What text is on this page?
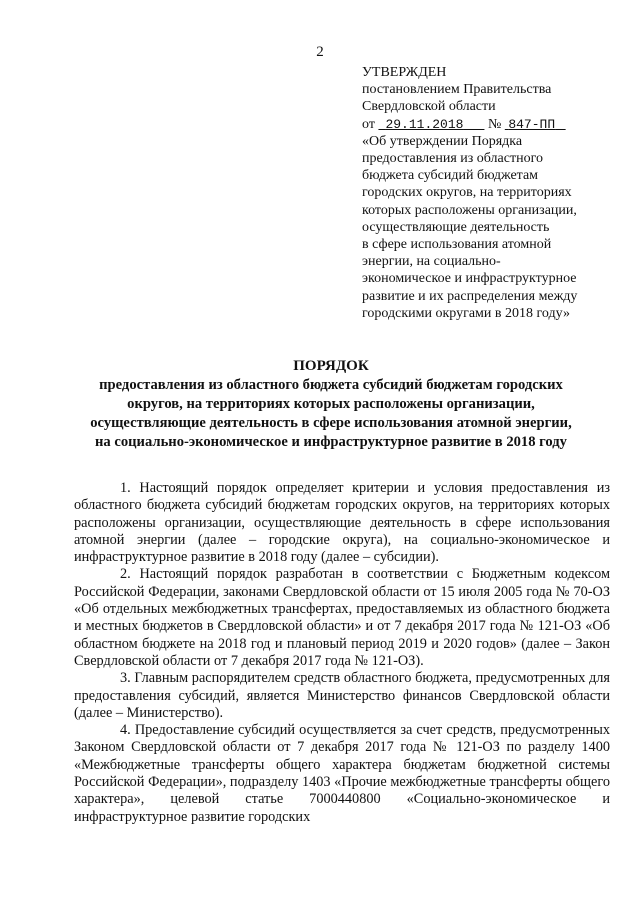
2
УТВЕРЖДЕН
постановлением Правительства
Свердловской области
от 29.11.2018 № 847-ПП
«Об утверждении Порядка
предоставления из областного
бюджета субсидий бюджетам
городских округов, на территориях
которых расположены организации,
осуществляющие деятельность
в сфере использования атомной
энергии, на социально-
экономическое и инфраструктурное
развитие и их распределения между
городскими округами в 2018 году»
ПОРЯДОК
предоставления из областного бюджета субсидий бюджетам городских
округов, на территориях которых расположены организации,
осуществляющие деятельность в сфере использования атомной энергии,
на социально-экономическое и инфраструктурное развитие в 2018 году

1. Настоящий порядок определяет критерии и условия предоставления из областного бюджета субсидий бюджетам городских округов, на территориях которых расположены организации, осуществляющие деятельность в сфере использования атомной энергии (далее – городские округа), на социально-экономическое и инфраструктурное развитие в 2018 году (далее – субсидии).

2. Настоящий порядок разработан в соответствии с Бюджетным кодексом Российской Федерации, законами Свердловской области от 15 июля 2005 года № 70-ОЗ «Об отдельных межбюджетных трансфертах, предоставляемых из областного бюджета и местных бюджетов в Свердловской области» и от 7 декабря 2017 года № 121-ОЗ «Об областном бюджете на 2018 год и плановый период 2019 и 2020 годов» (далее – Закон Свердловской области от 7 декабря 2017 года № 121-ОЗ).

3. Главным распорядителем средств областного бюджета, предусмотренных для предоставления субсидий, является Министерство финансов Свердловской области (далее – Министерство).

4. Предоставление субсидий осуществляется за счет средств, предусмотренных Законом Свердловской области от 7 декабря 2017 года № 121-ОЗ по разделу 1400 «Межбюджетные трансферты общего характера бюджетам бюджетной системы Российской Федерации», подразделу 1403 «Прочие межбюджетные трансферты общего характера», целевой статье 7000440800 «Социально-экономическое и инфраструктурное развитие городских
